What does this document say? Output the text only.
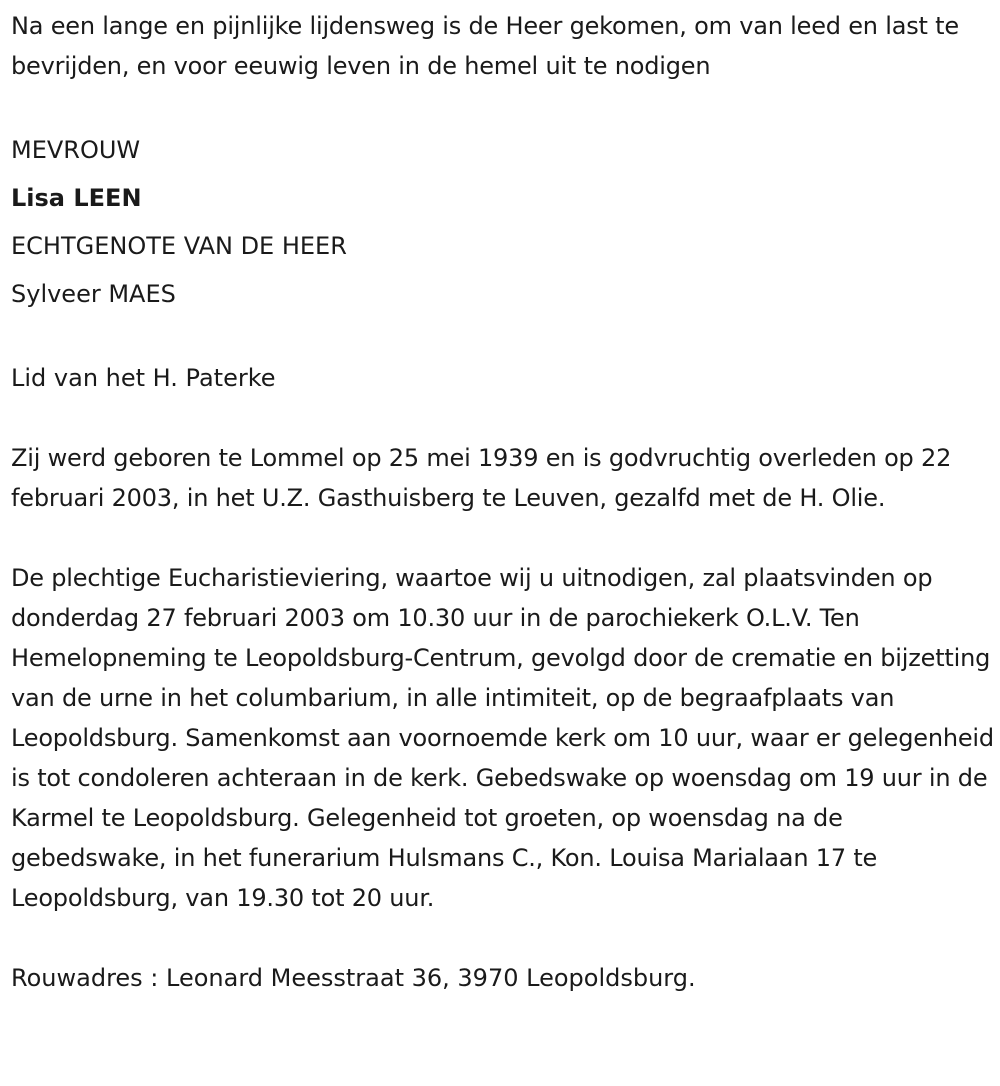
Na een lange en pijnlijke lijdensweg is de Heer gekomen, om van leed en last te bevrijden, en voor eeuwig leven in de hemel uit te nodigen

MEVROUW

Lisa LEEN

ECHTGENOTE VAN DE HEER

Sylveer MAES

Lid van het H. Paterke

Zij werd geboren te Lommel op 25 mei 1939 en is godvruchtig overleden op 22 februari 2003, in het U.Z. Gasthuisberg te Leuven, gezalfd met de H. Olie.

De plechtige Eucharistieviering, waartoe wij u uitnodigen, zal plaatsvinden op donderdag 27 februari 2003 om 10.30 uur in de parochiekerk O.L.V. Ten Hemelopneming te Leopoldsburg-Centrum, gevolgd door de crematie en bijzetting van de urne in het columbarium, in alle intimiteit, op de begraafplaats van Leopoldsburg. Samenkomst aan voornoemde kerk om 10 uur, waar er gelegenheid is tot condoleren achteraan in de kerk. Gebedswake op woensdag om 19 uur in de Karmel te Leopoldsburg. Gelegenheid tot groeten, op woensdag na de gebedswake, in het funerarium Hulsmans C., Kon. Louisa Marialaan 17 te Leopoldsburg, van 19.30 tot 20 uur.

Rouwadres : Leonard Meesstraat 36, 3970 Leopoldsburg.
